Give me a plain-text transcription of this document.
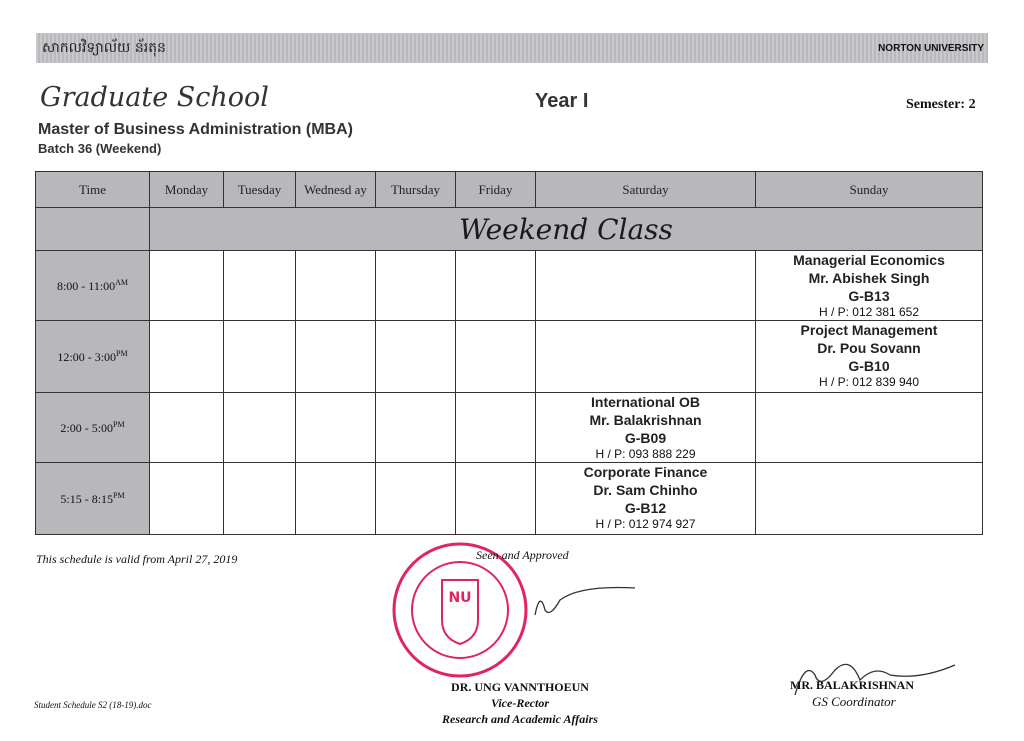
សាកលវិទ្យាល័យ ន័រតុន	NORTON UNIVERSITY
Graduate School	Year I	Semester: 2
Master of Business Administration (MBA)
Batch 36 (Weekend)
Time	Monday	Tuesday	Wednesd ay	Thursday	Friday	Saturday	Sunday
	Weekend Class						
8:00 - $11:00^{AM}$							Managerial Economics
Mr. Abishek Singh
G-B13
H / P: 012 381 652

12:00 - $3:00^{PM}$							Project Management
Dr. Pou Sovann
G-B10
H / P: 012 839 940

2:00 - $5:00^{PM}$						International OB
Mr. Balakrishnan
G-B09
H / P: 093 888 229	

5:15 - $8:15^{PM}$						Corporate Finance
Dr. Sam Chinho
G-B12
H / P: 012 974 927	

This schedule is valid from April 27, 2019
NU
Seen and Approved
Student Schedule S2 (18-19).doc
DR. UNG VANNTHOEUN
Vice-Rector
Research and Academic Affairs
MR. BALAKRISHNAN
GS Coordinator
